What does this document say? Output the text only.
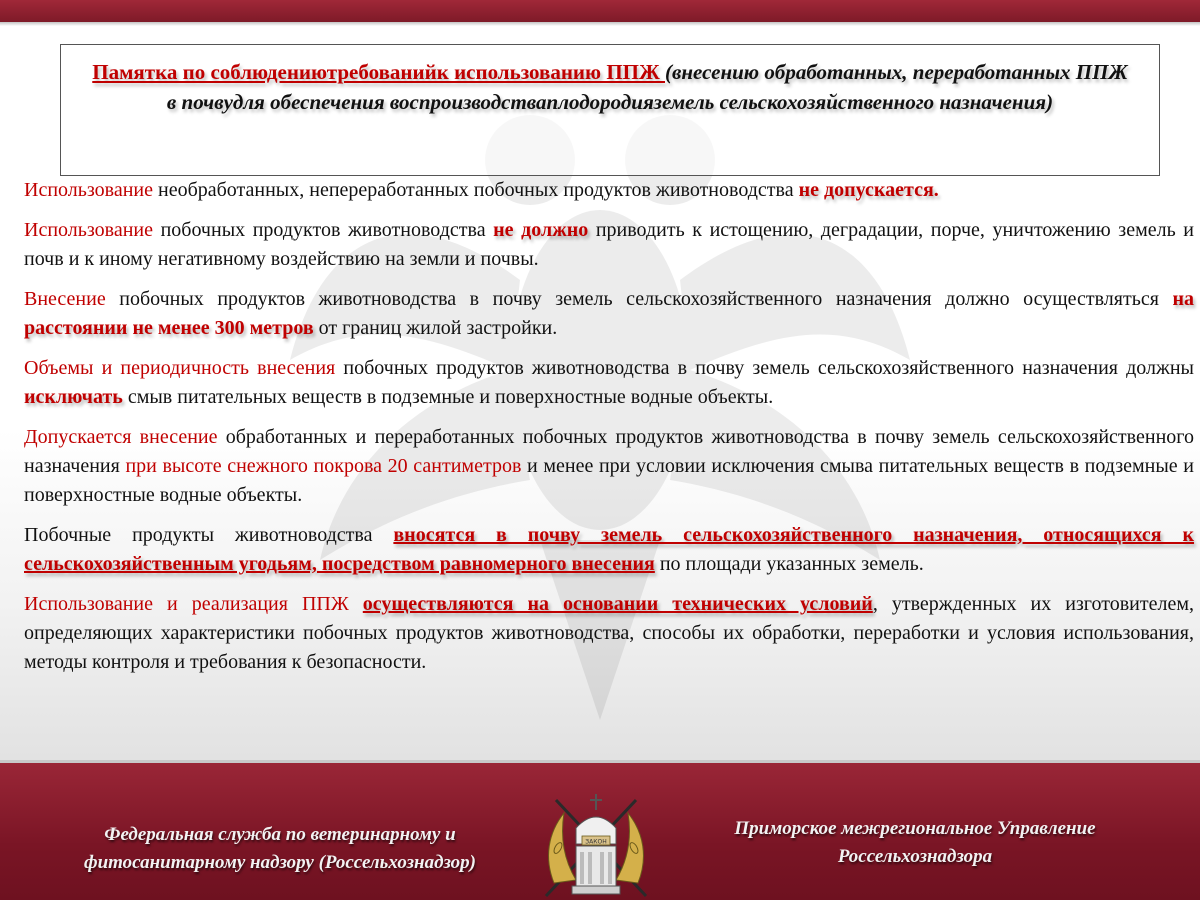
Памятка по соблюдениютребованийк использованию ППЖ (внесению обработанных, переработанных ППЖ в почвудля обеспечения воспроизводстваплодородияземель сельскохозяйственного назначения)

Использование необработанных, непереработанных побочных продуктов животноводства не допускается.

Использование побочных продуктов животноводства не должно приводить к истощению, деградации, порче, уничтожению земель и почв и к иному негативному воздействию на земли и почвы.

Внесение побочных продуктов животноводства в почву земель сельскохозяйственного назначения должно осуществляться на расстоянии не менее 300 метров от границ жилой застройки.

Объемы и периодичность внесения побочных продуктов животноводства в почву земель сельскохозяйственного назначения должны исключать смыв питательных веществ в подземные и поверхностные водные объекты.

Допускается внесение обработанных и переработанных побочных продуктов животноводства в почву земель сельскохозяйственного назначения при высоте снежного покрова 20 сантиметров и менее при условии исключения смыва питательных веществ в подземные и поверхностные водные объекты.

Побочные продукты животноводства вносятся в почву земель сельскохозяйственного назначения, относящихся к сельскохозяйственным угодьям, посредством равномерного внесения по площади указанных земель.

Использование и реализация ППЖ осуществляются на основании технических условий, утвержденных их изготовителем, определяющих характеристики побочных продуктов животноводства, способы их обработки, переработки и условия использования, методы контроля и требования к безопасности.

Федеральная служба по ветеринарному и
фитосанитарному надзору (Россельхознадзор)
Приморское межрегиональное Управление
Россельхознадзора
ЗАКОН
